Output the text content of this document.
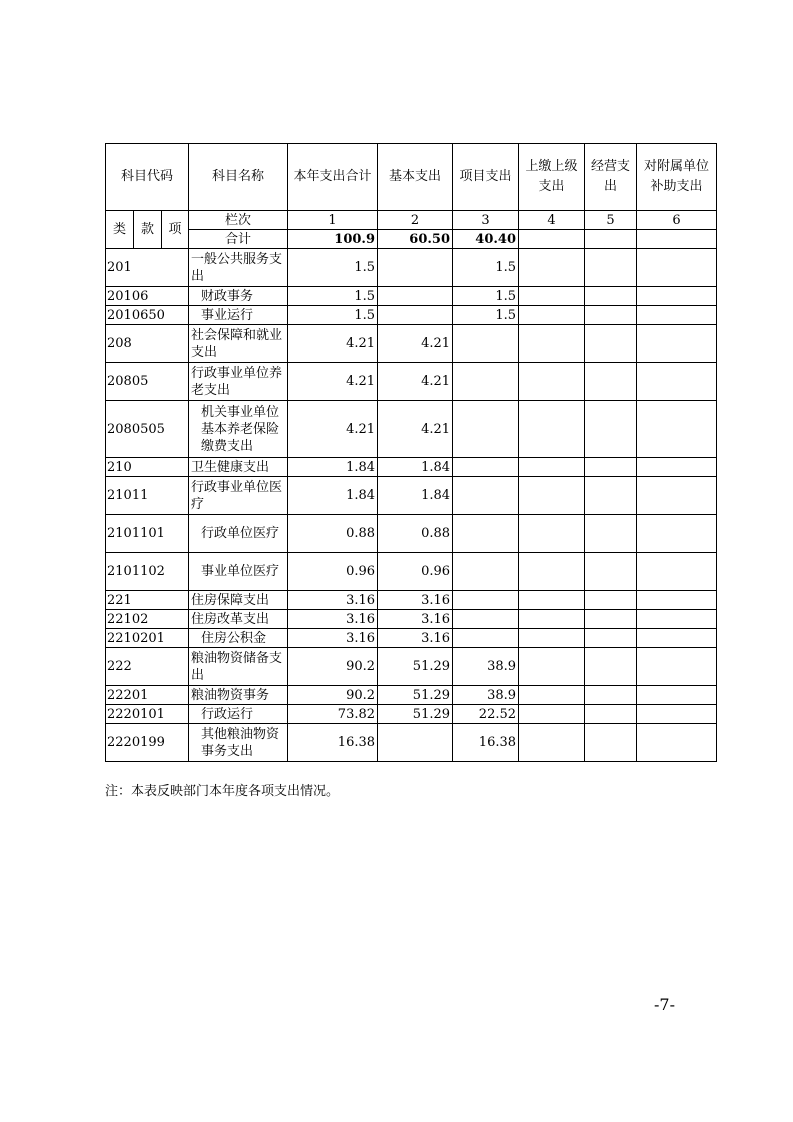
科目代码			科目名称	本年支出合计	基本支出	项目支出	上缴上级支出	经营支出	对附属单位补助支出
类	款	项	栏次	1	2	3	4	5	6
			合计	100.9	60.50	40.40			
201			一般公共服务支出	1.5		1.5			
20106			财政事务	1.5		1.5			
2010650			事业运行	1.5		1.5			
208			社会保障和就业支出	4.21	4.21				
20805			行政事业单位养老支出	4.21	4.21				
2080505			机关事业单位基本养老保险缴费支出	4.21	4.21				
210			卫生健康支出	1.84	1.84				
21011			行政事业单位医疗	1.84	1.84				
2101101			行政单位医疗	0.88	0.88				
2101102			事业单位医疗	0.96	0.96				
221			住房保障支出	3.16	3.16				
22102			住房改革支出	3.16	3.16				
2210201			住房公积金	3.16	3.16				
222			粮油物资储备支出	90.2	51.29	38.9			
22201			粮油物资事务	90.2	51.29	38.9			
2220101			行政运行	73.82	51.29	22.52			
2220199			其他粮油物资事务支出	16.38		16.38			
注：本表反映部门本年度各项支出情况。
-7-
